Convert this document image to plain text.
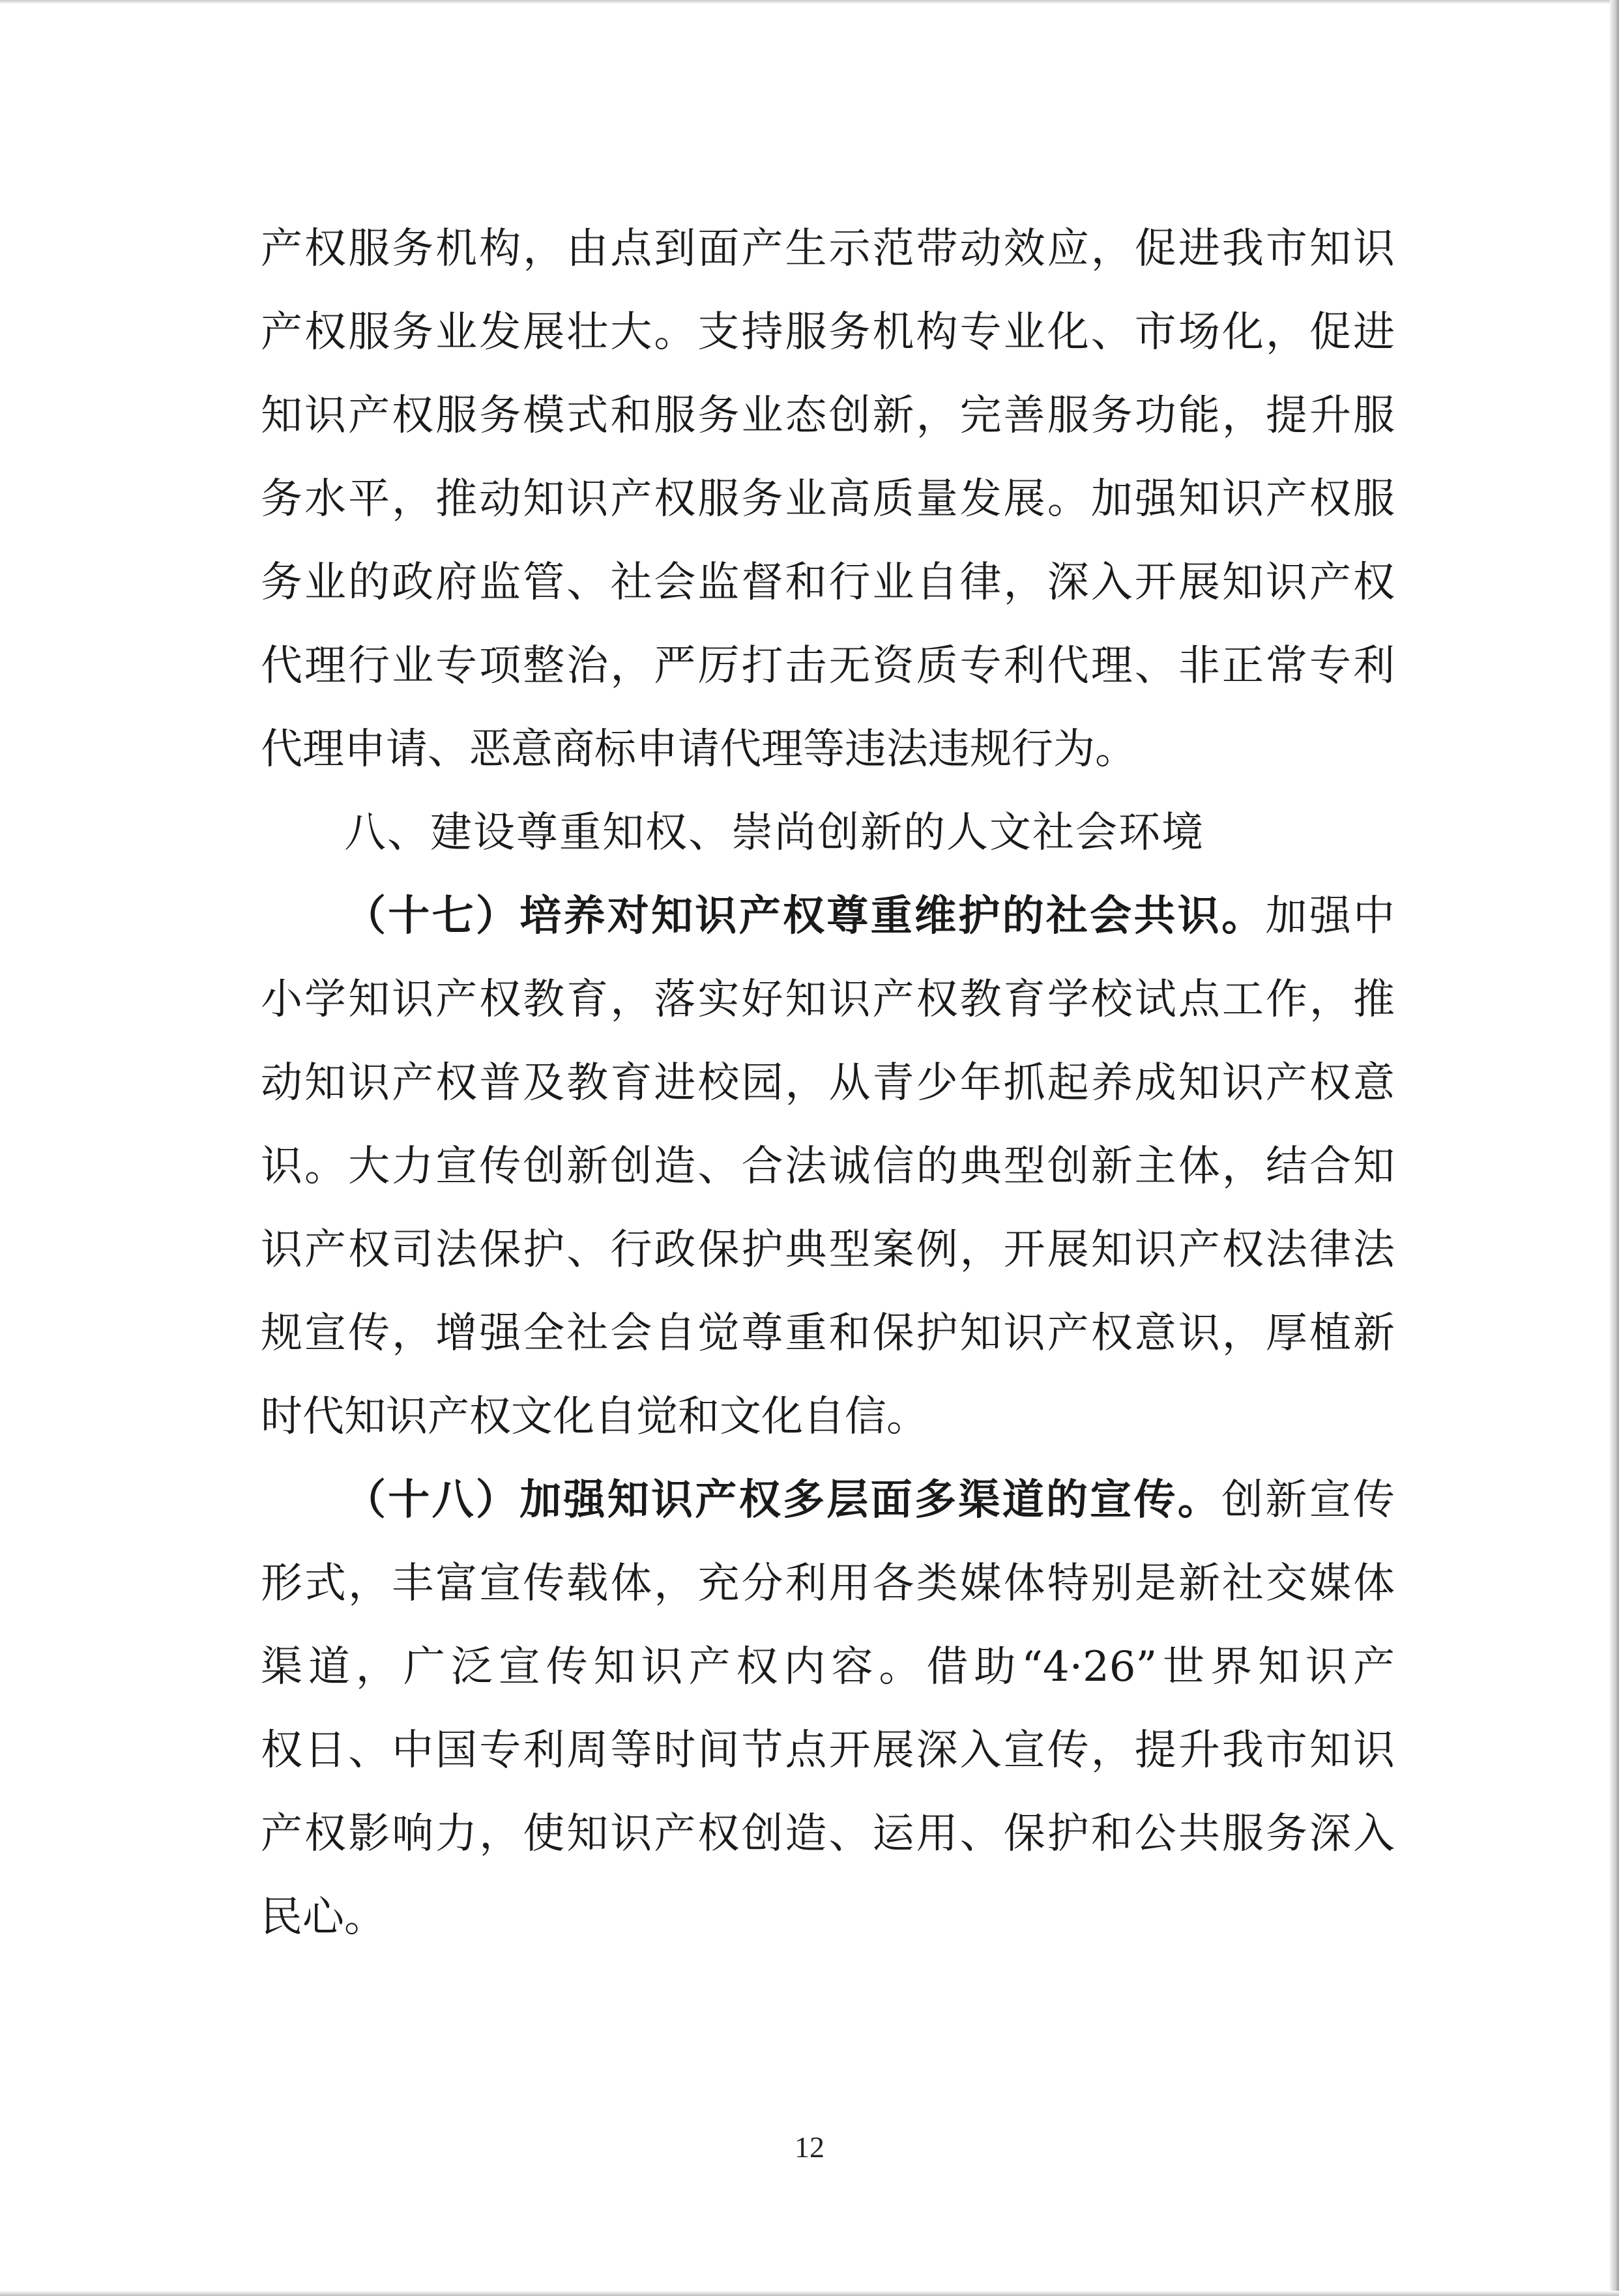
产权服务机构，由点到面产生示范带动效应，促进我市知识
产权服务业发展壮大。支持服务机构专业化、市场化，促进
知识产权服务模式和服务业态创新，完善服务功能，提升服
务水平，推动知识产权服务业高质量发展。加强知识产权服
务业的政府监管、社会监督和行业自律，深入开展知识产权
代理行业专项整治，严厉打击无资质专利代理、非正常专利
代理申请、恶意商标申请代理等违法违规行为。
八、建设尊重知权、崇尚创新的人文社会环境
（十七）培养对知识产权尊重维护的社会共识。加强中
小学知识产权教育，落实好知识产权教育学校试点工作，推
动知识产权普及教育进校园，从青少年抓起养成知识产权意
识。大力宣传创新创造、合法诚信的典型创新主体，结合知
识产权司法保护、行政保护典型案例，开展知识产权法律法
规宣传，增强全社会自觉尊重和保护知识产权意识，厚植新
时代知识产权文化自觉和文化自信。
（十八）加强知识产权多层面多渠道的宣传。创新宣传
形式，丰富宣传载体，充分利用各类媒体特别是新社交媒体
渠道，广泛宣传知识产权内容。借助“4·26”世界知识产
权日、中国专利周等时间节点开展深入宣传，提升我市知识
产权影响力，使知识产权创造、运用、保护和公共服务深入
民心。
12
